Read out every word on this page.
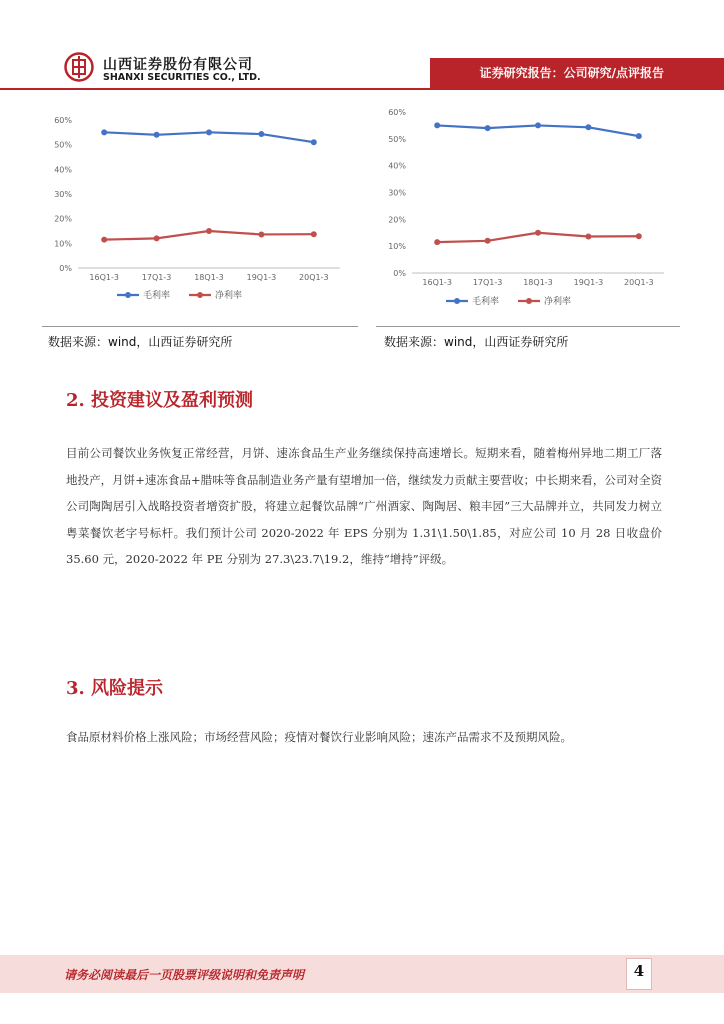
山西证券股份有限公司
SHANXI SECURITIES CO., LTD.	证券研究报告：公司研究/点评报告
0%
10%
20%
30%
40%
50%
60%
16Q1-3	17Q1-3	18Q1-3	19Q1-3	20Q1-3
毛利率	净利率
0%
10%
20%
30%
40%
50%
60%
16Q1-3	17Q1-3	18Q1-3	19Q1-3	20Q1-3
毛利率	净利率
数据来源：wind，山西证券研究所	数据来源：wind，山西证券研究所
2. 投资建议及盈利预测
目前公司餐饮业务恢复正常经营，月饼、速冻食品生产业务继续保持高速增长。短期来看，随着梅州异地二期工厂落地投产，月饼+速冻食品+腊味等食品制造业务产量有望增加一倍，继续发力贡献主要营收；中长期来看，公司对全资公司陶陶居引入战略投资者增资扩股，将建立起餐饮品牌“广州酒家、陶陶居、粮丰园”三大品牌并立，共同发力树立粤菜餐饮老字号标杆。我们预计公司 2020-2022 年 EPS 分别为 1.31\1.50\1.85，对应公司 10 月 28 日收盘价 35.60 元，2020-2022 年 PE 分别为 27.3\23.7\19.2，维持“增持”评级。
3. 风险提示
食品原材料价格上涨风险；市场经营风险；疫情对餐饮行业影响风险；速冻产品需求不及预期风险。
请务必阅读最后一页股票评级说明和免责声明	4
